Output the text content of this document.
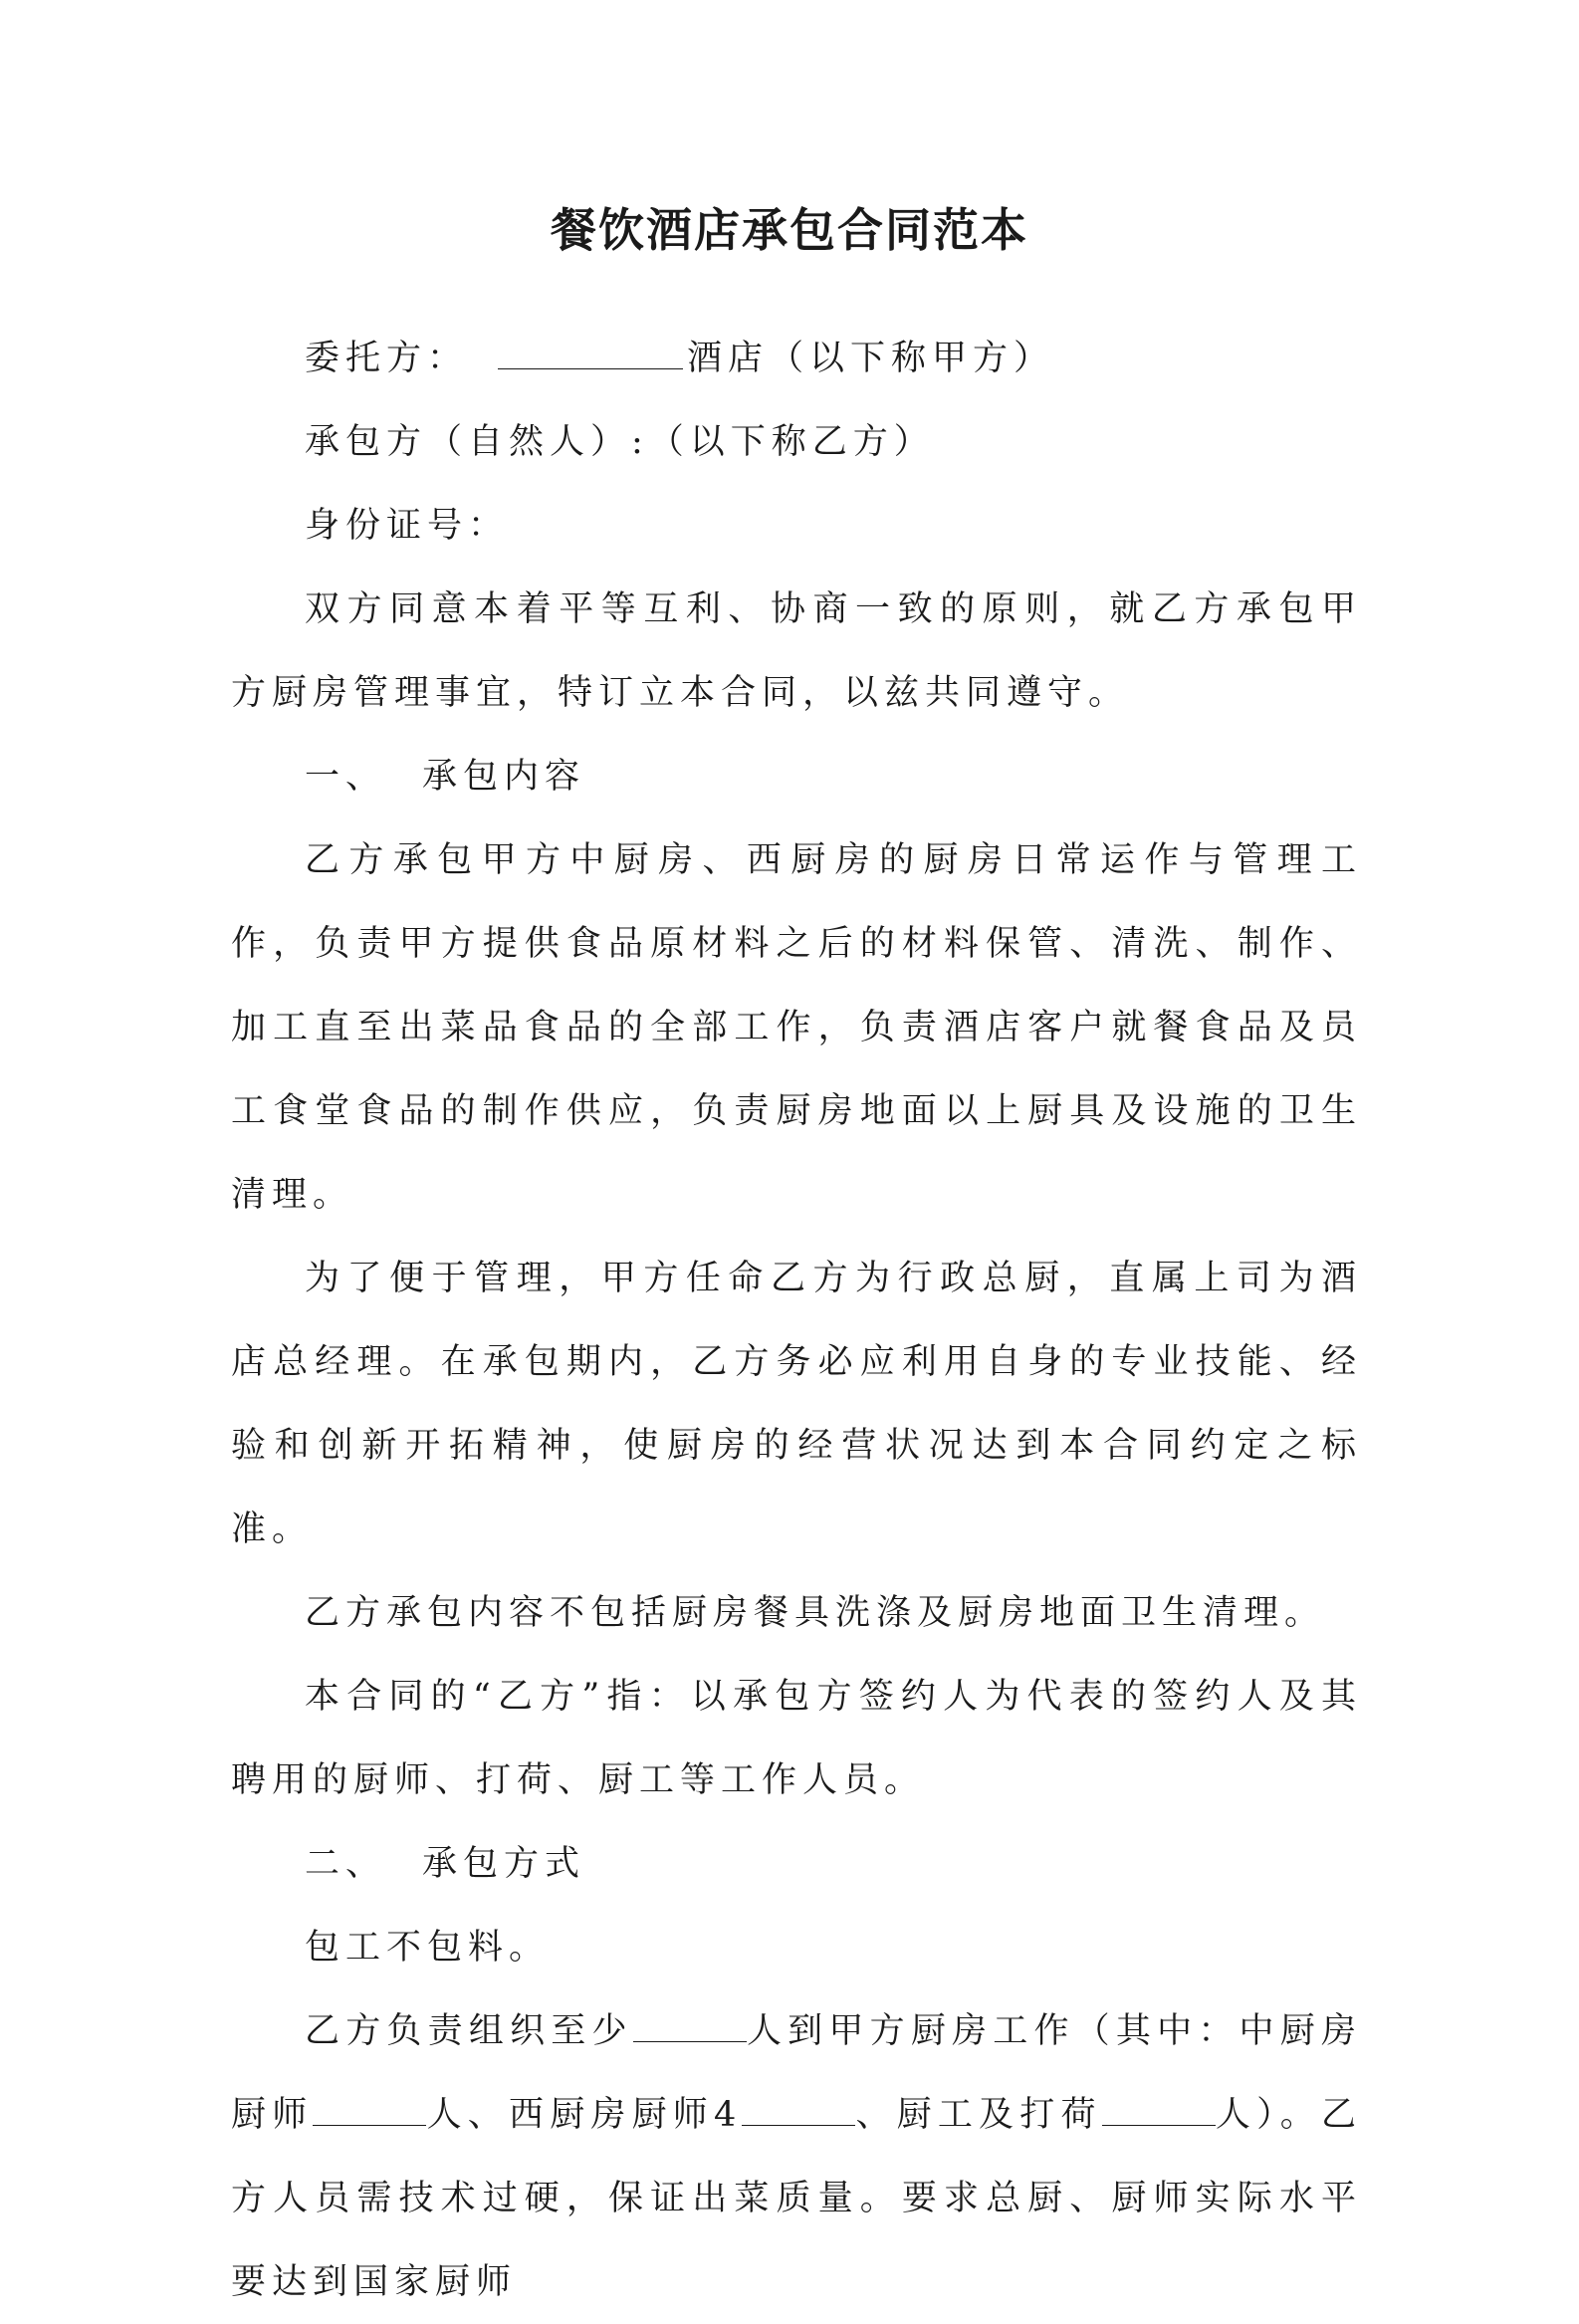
餐饮酒店承包合同范本

委托方：	酒店（以下称甲方）

承包方（自然人）:（以下称乙方）

身份证号：

双方同意本着平等互利、协商一致的原则，就乙方承包甲方厨房管理事宜，特订立本合同，以兹共同遵守。

一、 承包内容

乙方承包甲方中厨房、西厨房的厨房日常运作与管理工作，负责甲方提供食品原材料之后的材料保管、清洗、制作、加工直至出菜品食品的全部工作，负责酒店客户就餐食品及员工食堂食品的制作供应，负责厨房地面以上厨具及设施的卫生清理。

为了便于管理，甲方任命乙方为行政总厨，直属上司为酒店总经理。在承包期内，乙方务必应利用自身的专业技能、经验和创新开拓精神，使厨房的经营状况达到本合同约定之标准。

乙方承包内容不包括厨房餐具洗涤及厨房地面卫生清理。

本合同的“乙方”指：以承包方签约人为代表的签约人及其聘用的厨师、打荷、厨工等工作人员。

二、 承包方式

包工不包料。

乙方负责组织至少	人到甲方厨房工作（其中：中厨房厨师	人、西厨房厨师4	、厨工及打荷	人）。乙方人员需技术过硬，保证出菜质量。要求总厨、厨师实际水平要达到国家厨师
